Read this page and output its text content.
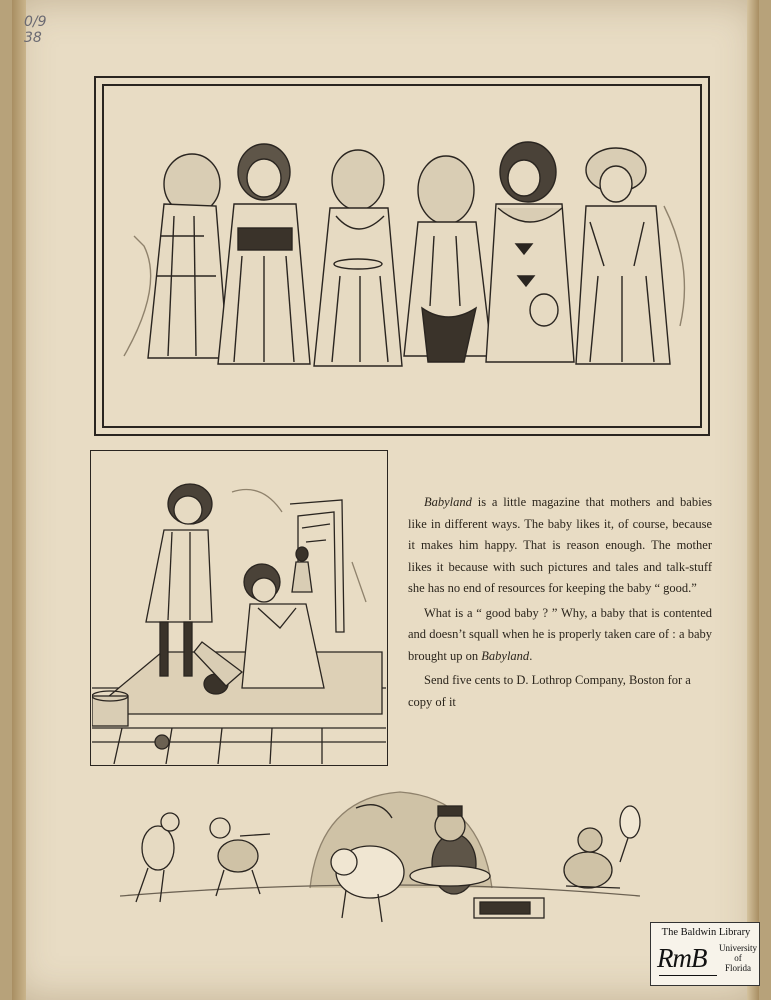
0/9
38

Babyland is a little magazine that mothers and babies like in different ways. The baby likes it, of course, because it makes him happy. That is reason enough. The mother likes it because with such pictures and tales and talk-stuff she has no end of resources for keeping the baby “ good.”

What is a “ good baby ? ” Why, a baby that is contented and doesn’t squall when he is properly taken care of : a baby brought up on Babyland.

Send five cents to D. Lothrop Company, Boston for a copy of it

The Baldwin Library
RmB University
of
Florida
